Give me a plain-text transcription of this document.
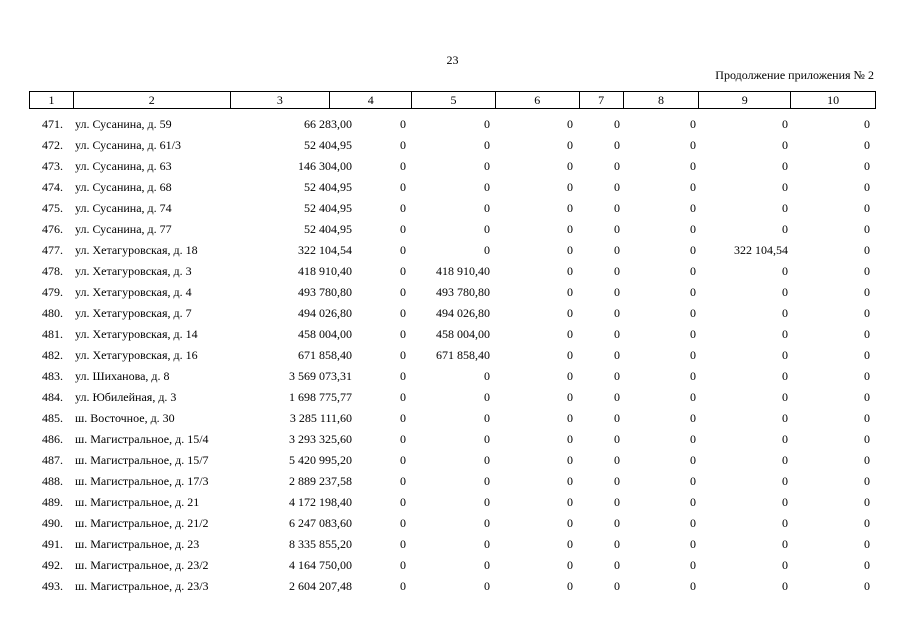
23
Продолжение приложения № 2
1	2	3	4	5	6	7	8	9	10
471. ул. Сусанина, д. 59	66 283,00	0	0	0	0	0	0	0
472. ул. Сусанина, д. 61/3	52 404,95	0	0	0	0	0	0	0
473. ул. Сусанина, д. 63	146 304,00	0	0	0	0	0	0	0
474. ул. Сусанина, д. 68	52 404,95	0	0	0	0	0	0	0
475. ул. Сусанина, д. 74	52 404,95	0	0	0	0	0	0	0
476. ул. Сусанина, д. 77	52 404,95	0	0	0	0	0	0	0
477. ул. Хетагуровская, д. 18	322 104,54	0	0	0	0	0	322 104,54	0
478. ул. Хетагуровская, д. 3	418 910,40	0	418 910,40	0	0	0	0	0
479. ул. Хетагуровская, д. 4	493 780,80	0	493 780,80	0	0	0	0	0
480. ул. Хетагуровская, д. 7	494 026,80	0	494 026,80	0	0	0	0	0
481. ул. Хетагуровская, д. 14	458 004,00	0	458 004,00	0	0	0	0	0
482. ул. Хетагуровская, д. 16	671 858,40	0	671 858,40	0	0	0	0	0
483. ул. Шиханова, д. 8	3 569 073,31	0	0	0	0	0	0	0
484. ул. Юбилейная, д. 3	1 698 775,77	0	0	0	0	0	0	0
485. ш. Восточное, д. 30	3 285 111,60	0	0	0	0	0	0	0
486. ш. Магистральное, д. 15/4	3 293 325,60	0	0	0	0	0	0	0
487. ш. Магистральное, д. 15/7	5 420 995,20	0	0	0	0	0	0	0
488. ш. Магистральное, д. 17/3	2 889 237,58	0	0	0	0	0	0	0
489. ш. Магистральное, д. 21	4 172 198,40	0	0	0	0	0	0	0
490. ш. Магистральное, д. 21/2	6 247 083,60	0	0	0	0	0	0	0
491. ш. Магистральное, д. 23	8 335 855,20	0	0	0	0	0	0	0
492. ш. Магистральное, д. 23/2	4 164 750,00	0	0	0	0	0	0	0
493. ш. Магистральное, д. 23/3	2 604 207,48	0	0	0	0	0	0	0
